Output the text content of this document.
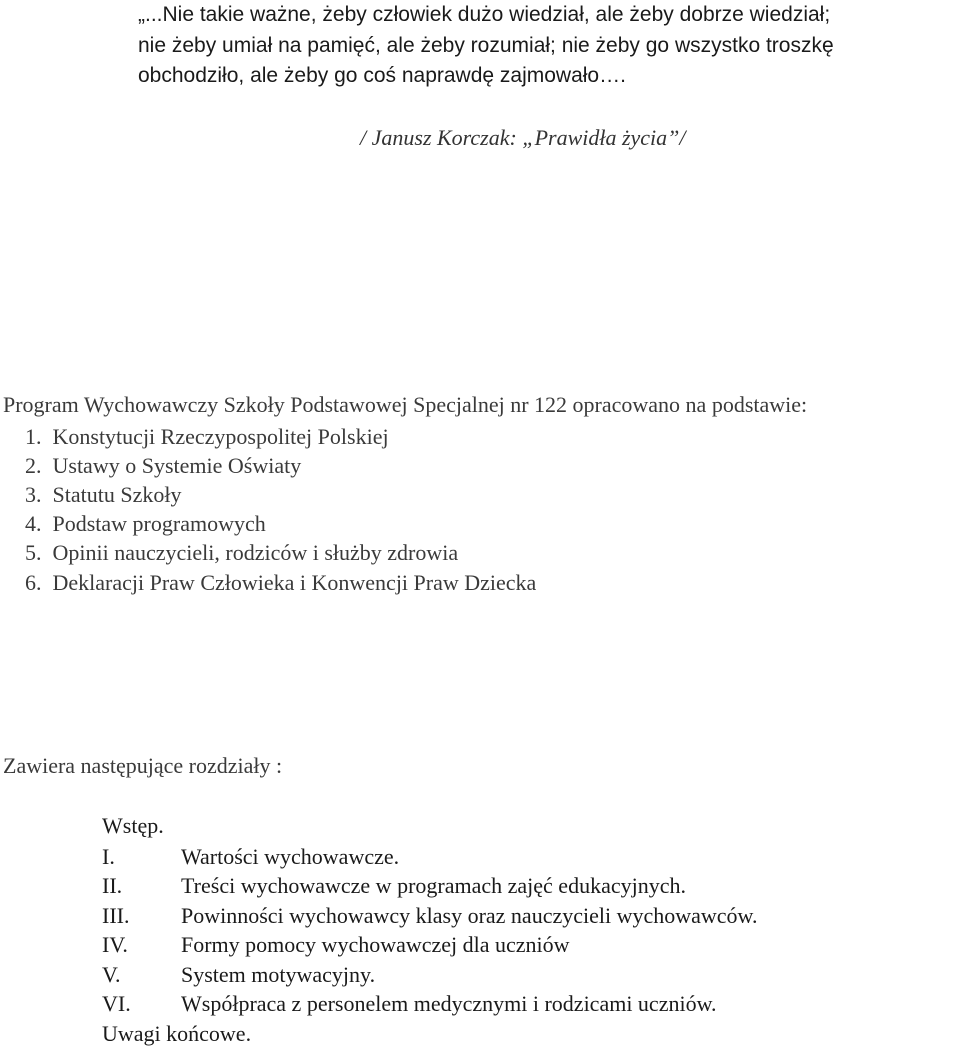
„...Nie takie ważne, żeby człowiek dużo wiedział, ale żeby dobrze wiedział;

nie żeby umiał na pamięć, ale żeby rozumiał; nie żeby go wszystko troszkę

obchodziło, ale żeby go coś naprawdę zajmowało….

/ Janusz Korczak: „Prawidła życia”/

Program Wychowawczy Szkoły Podstawowej Specjalnej nr 122 opracowano na podstawie:

1.  Konstytucji Rzeczypospolitej Polskiej

2.  Ustawy o Systemie Oświaty

3.  Statutu Szkoły

4.  Podstaw programowych

5.  Opinii nauczycieli, rodziców i służby zdrowia

6.  Deklaracji Praw Człowieka i Konwencji Praw Dziecka

Zawiera następujące rozdziały :

Wstęp.

I.	Wartości wychowawcze.

II.	Treści wychowawcze w programach zajęć edukacyjnych.

III. Powinności wychowawcy klasy oraz nauczycieli wychowawców.

IV. Formy pomocy wychowawczej dla uczniów

V.	System motywacyjny.

VI. Współpraca z personelem medycznymi i rodzicami uczniów.

Uwagi końcowe.
